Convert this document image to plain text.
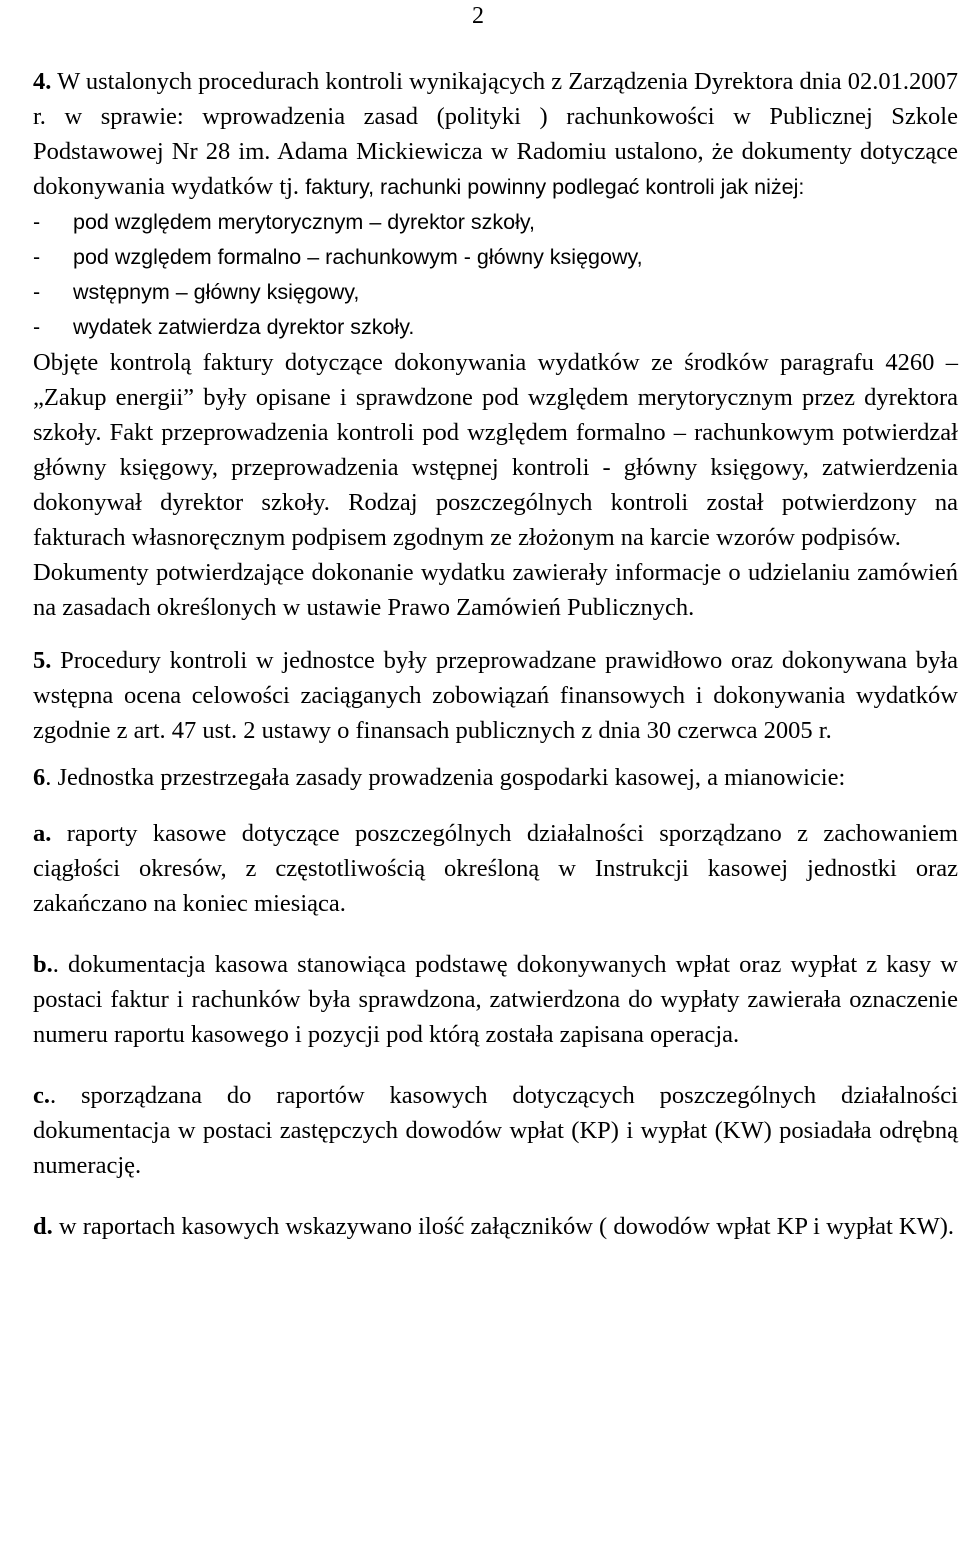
2

4. W ustalonych procedurach kontroli wynikających z Zarządzenia Dyrektora dnia 02.01.2007 r. w sprawie: wprowadzenia zasad (polityki ) rachunkowości w Publicznej Szkole Podstawowej Nr 28 im. Adama Mickiewicza w Radomiu ustalono, że dokumenty dotyczące dokonywania wydatków tj. faktury, rachunki powinny podlegać kontroli jak niżej:

-	pod względem merytorycznym – dyrektor szkoły,
-	pod względem formalno – rachunkowym - główny księgowy,
-	wstępnym – główny księgowy,
-	wydatek zatwierdza dyrektor szkoły.

Objęte kontrolą faktury dotyczące dokonywania wydatków ze środków paragrafu 4260 – „Zakup energii” były opisane i sprawdzone pod względem merytorycznym przez dyrektora szkoły. Fakt przeprowadzenia kontroli pod względem formalno – rachunkowym potwierdzał główny księgowy, przeprowadzenia wstępnej kontroli - główny księgowy, zatwierdzenia dokonywał dyrektor szkoły. Rodzaj poszczególnych kontroli został potwierdzony na fakturach własnoręcznym podpisem zgodnym ze złożonym na karcie wzorów podpisów.

Dokumenty potwierdzające dokonanie wydatku zawierały informacje o udzielaniu zamówień na zasadach określonych w ustawie Prawo Zamówień Publicznych.

5. Procedury kontroli w jednostce były przeprowadzane prawidłowo oraz dokonywana była wstępna ocena celowości zaciąganych zobowiązań finansowych i dokonywania wydatków zgodnie z art. 47 ust. 2 ustawy o finansach publicznych z dnia 30 czerwca 2005 r.

6. Jednostka przestrzegała zasady prowadzenia gospodarki kasowej, a mianowicie:

a. raporty kasowe dotyczące poszczególnych działalności sporządzano z zachowaniem ciągłości okresów, z częstotliwością określoną w Instrukcji kasowej jednostki oraz zakańczano na koniec miesiąca.

b.. dokumentacja kasowa stanowiąca podstawę dokonywanych wpłat oraz wypłat z kasy w postaci faktur i rachunków była sprawdzona, zatwierdzona do wypłaty zawierała oznaczenie numeru raportu kasowego i pozycji pod którą została zapisana operacja.

c.. sporządzana do raportów kasowych dotyczących poszczególnych działalności dokumentacja w postaci zastępczych dowodów wpłat (KP) i wypłat (KW) posiadała odrębną numerację.

d. w raportach kasowych wskazywano ilość załączników ( dowodów wpłat KP i wypłat KW).
